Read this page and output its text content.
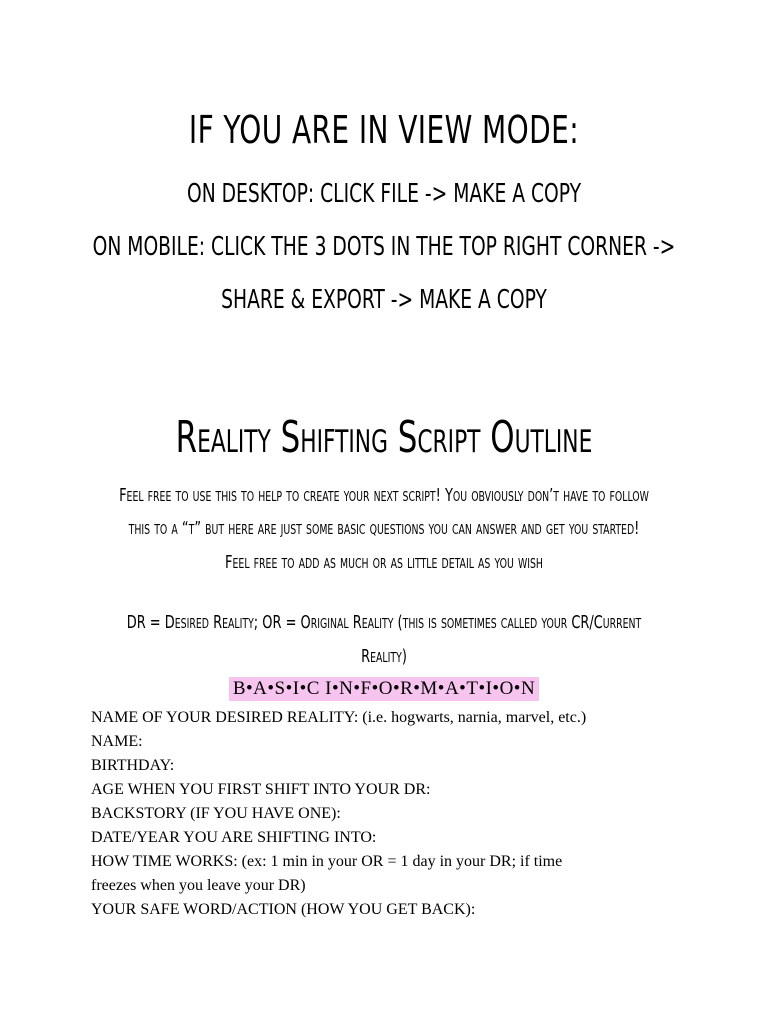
IF YOU ARE IN VIEW MODE:
ON DESKTOP: CLICK FILE -> MAKE A COPY
ON MOBILE: CLICK THE 3 DOTS IN THE TOP RIGHT CORNER ->
SHARE & EXPORT -> MAKE A COPY
Reality Shifting Script Outline
Feel free to use this to help to create your next script! You obviously don’t have to follow
this to a “t” but here are just some basic questions you can answer and get you started!
Feel free to add as much or as little detail as you wish
DR = Desired Reality; OR = Original Reality (this is sometimes called your CR/Current
Reality)
B•A•S•I•C I•N•F•O•R•M•A•T•I•O•N
NAME OF YOUR DESIRED REALITY: (i.e. hogwarts, narnia, marvel, etc.)
NAME:
BIRTHDAY:
AGE WHEN YOU FIRST SHIFT INTO YOUR DR:
BACKSTORY (IF YOU HAVE ONE):
DATE/YEAR YOU ARE SHIFTING INTO:
HOW TIME WORKS: (ex: 1 min in your OR = 1 day in your DR; if time
freezes when you leave your DR)
YOUR SAFE WORD/ACTION (HOW YOU GET BACK):
